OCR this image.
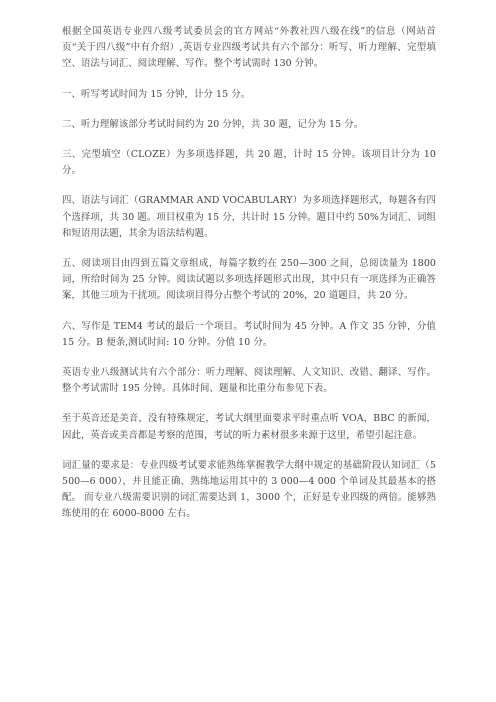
根据全国英语专业四八级考试委员会的官方网站“外教社四八级在线”的信息（网站首页“关于四八级”中有介绍）,英语专业四级考试共有六个部分：听写、听力理解、完型填空、语法与词汇、阅读理解、写作。整个考试需时 130 分钟。

一、听写考试时间为 15 分钟，计分 15 分。

二、听力理解该部分考试时间约为 20 分钟，共 30 题，记分为 15 分。

三、完型填空（CLOZE）为多项选择题，共 20 题，计时 15 分钟。该项目计分为 10 分。

四、语法与词汇（GRAMMAR AND VOCABULARY）为多项选择题形式，每题各有四个选择项，共 30 题。项目权重为 15 分，共计时 15 分钟。题目中约 50%为词汇、词组和短语用法题，其余为语法结构题。

五、阅读项目由四到五篇文章组成，每篇字数约在 250—300 之间，总阅读量为 1800 词，所给时间为 25 分钟。阅读试题以多项选择题形式出现，其中只有一项选择为正确答案，其他三项为干扰项。阅读项目得分占整个考试的 20%，20 道题目，共 20 分。

六、写作是 TEM4 考试的最后一个项目。考试时间为 45 分钟。A 作文 35 分钟，分值 15 分。B 便条,测试时间: 10 分钟。分值 10 分。

英语专业八级测试共有六个部分：听力理解、阅读理解、人文知识、改错、翻译、写作。整个考试需时 195 分钟。具体时间、题量和比重分布参见下表。

至于英音还是美音，没有特殊规定，考试大纲里面要求平时重点听 VOA，BBC 的新闻，因此，英音或美音都是考察的范围，考试的听力素材很多来源于这里，希望引起注意。

词汇量的要求是：专业四级考试要求能熟练掌握教学大纲中规定的基础阶段认知词汇（5 500—6 000），并且能正确、熟练地运用其中的 3 000—4 000 个单词及其最基本的搭配。 而专业八级需要识别的词汇需要达到 1，3000 个，正好是专业四级的两倍。能够熟练使用的在 6000-8000 左右。
